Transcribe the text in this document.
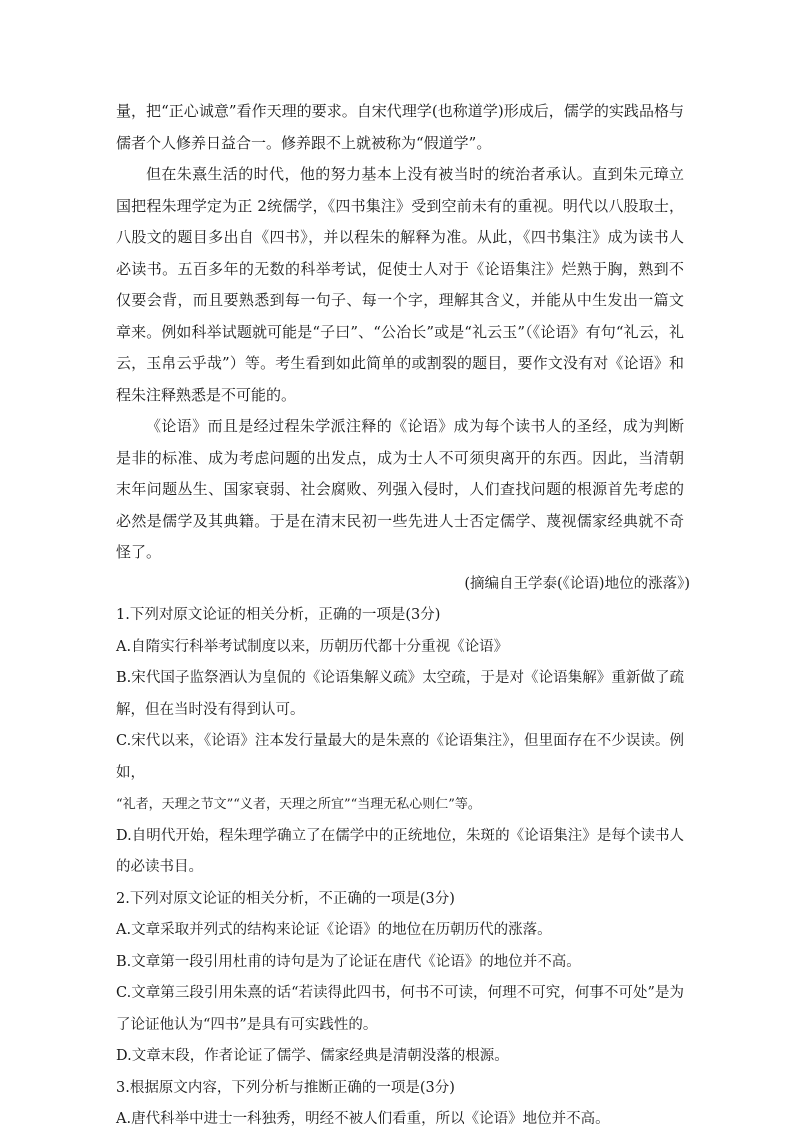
量，把“正心诚意”看作天理的要求。自宋代理学(也称道学)形成后，儒学的实践品格与儒者个人修养日益合一。修养跟不上就被称为“假道学”。

但在朱熹生活的时代，他的努力基本上没有被当时的统治者承认。直到朱元璋立国把程朱理学定为正 2统儒学，《四书集注》受到空前未有的重视。明代以八股取士，八股文的题目多出自《四书》，并以程朱的解释为准。从此，《四书集注》成为读书人必读书。五百多年的无数的科举考试，促使士人对于《论语集注》烂熟于胸，熟到不仅要会背，而且要熟悉到每一句子、每一个字，理解其含义，并能从中生发出一篇文章来。例如科举试题就可能是“子曰”、“公冶长”或是“礼云玉”（《论语》有句“礼云，礼云，玉帛云乎哉”）等。考生看到如此简单的或割裂的题目，要作文没有对《论语》和程朱注释熟悉是不可能的。

《论语》而且是经过程朱学派注释的《论语》成为每个读书人的圣经，成为判断是非的标准、成为考虑问题的出发点，成为士人不可须臾离开的东西。因此，当清朝末年问题丛生、国家衰弱、社会腐败、列强入侵时，人们查找问题的根源首先考虑的必然是儒学及其典籍。于是在清末民初一些先进人士否定儒学、蔑视儒家经典就不奇怪了。

(摘编自王学泰(《论语)地位的涨落》)

1.下列对原文论证的相关分析，正确的一项是(3分)

A.自隋实行科举考试制度以来，历朝历代都十分重视《论语》

B.宋代国子监祭酒认为皇侃的《论语集解义疏》太空疏，于是对《论语集解》重新做了疏解，但在当时没有得到认可。

C.宋代以来，《论语》注本发行量最大的是朱熹的《论语集注》，但里面存在不少误读。例如，

“礼者，天理之节文”“义者，天理之所宜”“当理无私心则仁”等。

D.自明代开始，程朱理学确立了在儒学中的正统地位，朱斑的《论语集注》是每个读书人的必读书目。

2.下列对原文论证的相关分析，不正确的一项是(3分)

A.文章采取并列式的结构来论证《论语》的地位在历朝历代的涨落。

B.文章第一段引用杜甫的诗句是为了论证在唐代《论语》的地位并不高。

C.文章第三段引用朱熹的话“若读得此四书，何书不可读，何理不可究，何事不可处”是为了论证他认为“四书”是具有可实践性的。

D.文章末段，作者论证了儒学、儒家经典是清朝没落的根源。

3.根据原文内容，下列分析与推断正确的一项是(3分)

A.唐代科举中进士一科独秀，明经不被人们看重，所以《论语》地位并不高。
